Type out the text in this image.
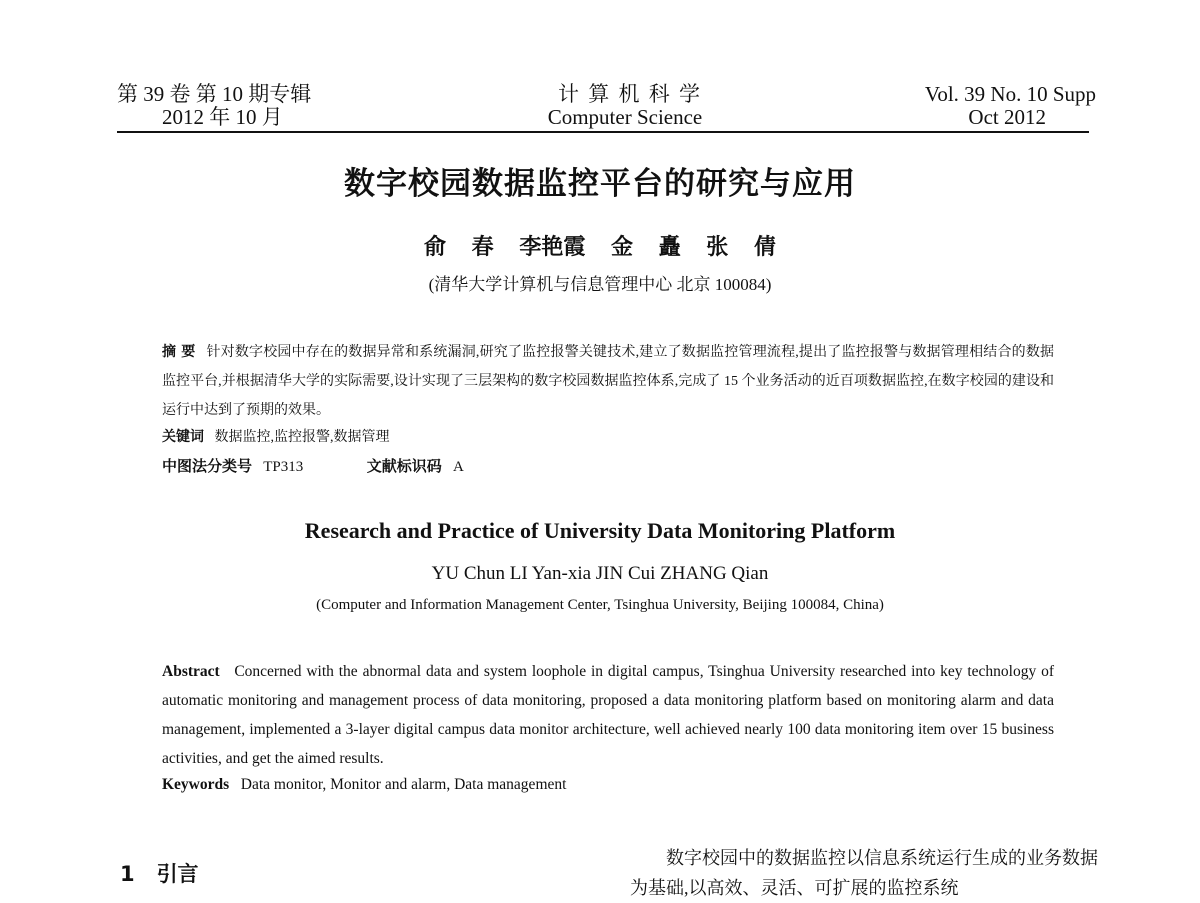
第 39 卷 第 10 期专辑
2012 年 10 月
计 算 机 科 学
Computer Science
Vol. 39 No. 10 Supp
Oct 2012
数字校园数据监控平台的研究与应用
俞 春 李艳霞 金 矗 张 倩
(清华大学计算机与信息管理中心 北京 100084)
摘 要 针对数字校园中存在的数据异常和系统漏洞,研究了监控报警关键技术,建立了数据监控管理流程,提出了监控报警与数据管理相结合的数据监控平台,并根据清华大学的实际需要,设计实现了三层架构的数字校园数据监控体系,完成了 15 个业务活动的近百项数据监控,在数字校园的建设和运行中达到了预期的效果。
关键词 数据监控,监控报警,数据管理
中图法分类号 TP313	文献标识码 A
Research and Practice of University Data Monitoring Platform
YU Chun LI Yan-xia JIN Cui ZHANG Qian
(Computer and Information Management Center, Tsinghua University, Beijing 100084, China)
Abstract Concerned with the abnormal data and system loophole in digital campus, Tsinghua University researched into key technology of automatic monitoring and management process of data monitoring, proposed a data monitoring platform based on monitoring alarm and data management, implemented a 3-layer digital campus data monitor architecture, well achieved nearly 100 data monitoring item over 15 business activities, and get the aimed results.
Keywords Data monitor, Monitor and alarm, Data management
1 引言
数字校园中的数据监控以信息系统运行生成的业务数据为基础,以高效、灵活、可扩展的监控系统
